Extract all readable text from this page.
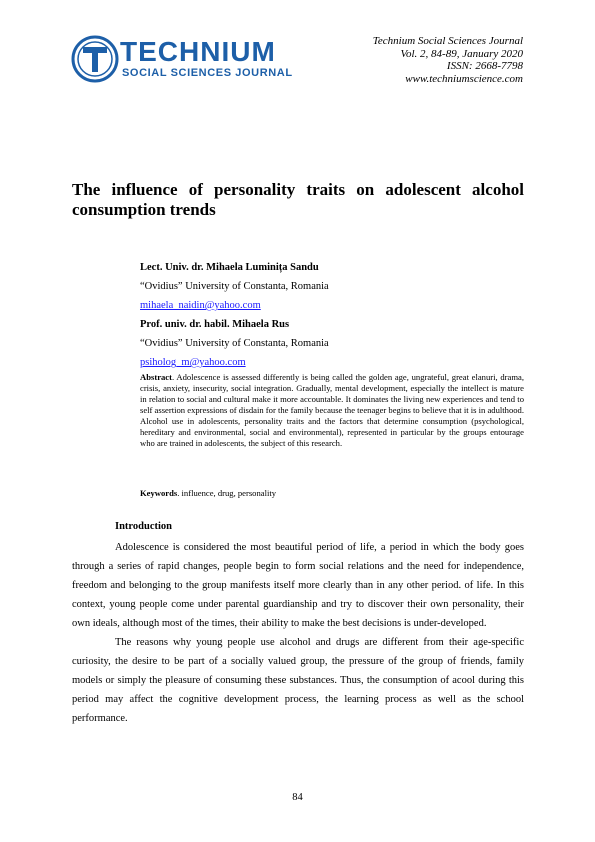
TECHNIUM
SOCIAL SCIENCES JOURNAL
Technium Social Sciences Journal
Vol. 2, 84-89, January 2020
ISSN: 2668-7798
www.techniumscience.com
The influence of personality traits on adolescent alcohol consumption trends
Lect. Univ. dr. Mihaela Luminița Sandu
“Ovidius” University of Constanta, Romania
mihaela_naidin@yahoo.com
Prof. univ. dr. habil. Mihaela Rus
“Ovidius” University of Constanta, Romania
psiholog_m@yahoo.com

Abstract. Adolescence is assessed differently is being called the golden age, ungrateful, great elanuri, drama, crisis, anxiety, insecurity, social integration. Gradually, mental development, especially the intellect is mature in relation to social and cultural make it more accountable. It dominates the living new experiences and tend to self assertion expressions of disdain for the family because the teenager begins to believe that it is in adulthood. Alcohol use in adolescents, personality traits and the factors that determine consumption (psychological, hereditary and environmental, social and environmental), represented in particular by the groups entourage who are trained in adolescents, the subject of this research.

Keywords. influence, drug, personality

Introduction

Adolescence is considered the most beautiful period of life, a period in which the body goes through a series of rapid changes, people begin to form social relations and the need for independence, freedom and belonging to the group manifests itself more clearly than in any other period. of life. In this context, young people come under parental guardianship and try to discover their own personality, their own ideals, although most of the times, their ability to make the best decisions is under-developed.

The reasons why young people use alcohol and drugs are different from their age-specific curiosity, the desire to be part of a socially valued group, the pressure of the group of friends, family models or simply the pleasure of consuming these substances. Thus, the consumption of acool during this period may affect the cognitive development process, the learning process as well as the school performance.

84
